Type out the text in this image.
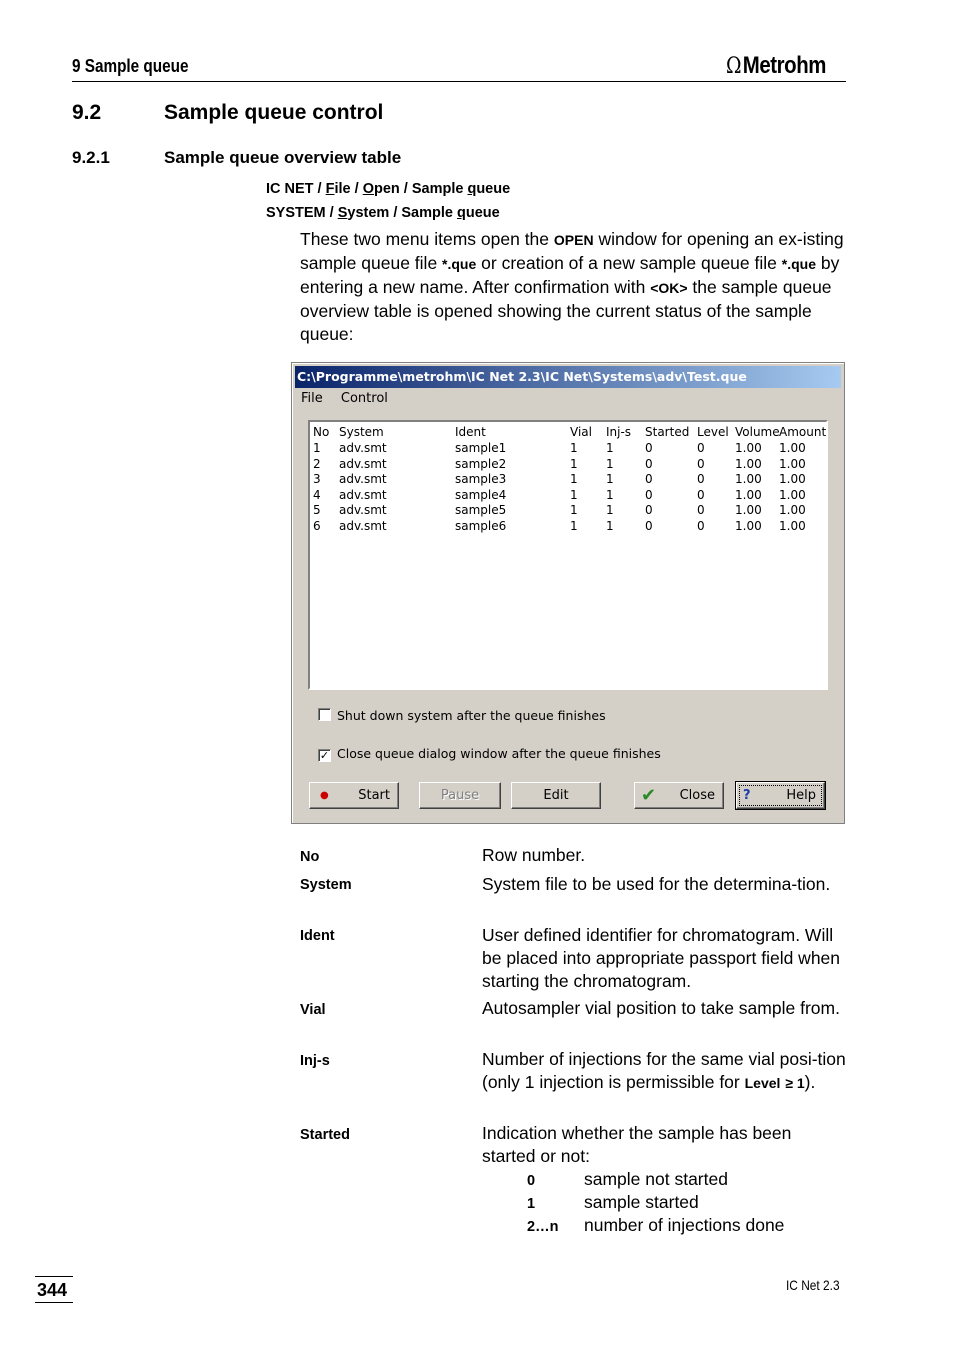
9 Sample queue	ΩMetrohm
9.2	Sample queue control
9.2.1	Sample queue overview table
IC NET / File / Open / Sample queue
SYSTEM / System / Sample queue
These two menu items open the OPEN window for opening an ex-isting sample queue file *.que or creation of a new sample queue file *.que by entering a new name. After confirmation with <OK> the sample queue overview table is opened showing the current status of the sample queue:
C:\Programme\metrohm\IC Net 2.3\IC Net\Systems\adv\Test.que
File Control
No System	Ident	Vial Inj-s Started Level Volume Amount
1 adv.smt	sample1	1 1	0	0	1.00 1.00
2 adv.smt	sample2	1 1	0	0	1.00 1.00
3 adv.smt	sample3	1 1	0	0	1.00 1.00
4 adv.smt	sample4	1 1	0	0	1.00 1.00
5 adv.smt	sample5	1 1	0	0	1.00 1.00
6 adv.smt	sample6	1 1	0	0	1.00 1.00
Shut down system after the queue finishes
✓ Close queue dialog window after the queue finishes
● Start	Pause	Edit	✔ Close ?	Help
No	Row number.
System	System file to be used for the determina-tion.
Ident	User defined identifier for chromatogram. Will be placed into appropriate passport field when starting the chromatogram.
Vial	Autosampler vial position to take sample from.
Inj-s	Number of injections for the same vial posi-tion (only 1 injection is permissible for Level ≥ 1).
Started	Indication whether the sample has been started or not:
0	sample not started
1	sample started
2…n number of injections done
344	IC Net 2.3
